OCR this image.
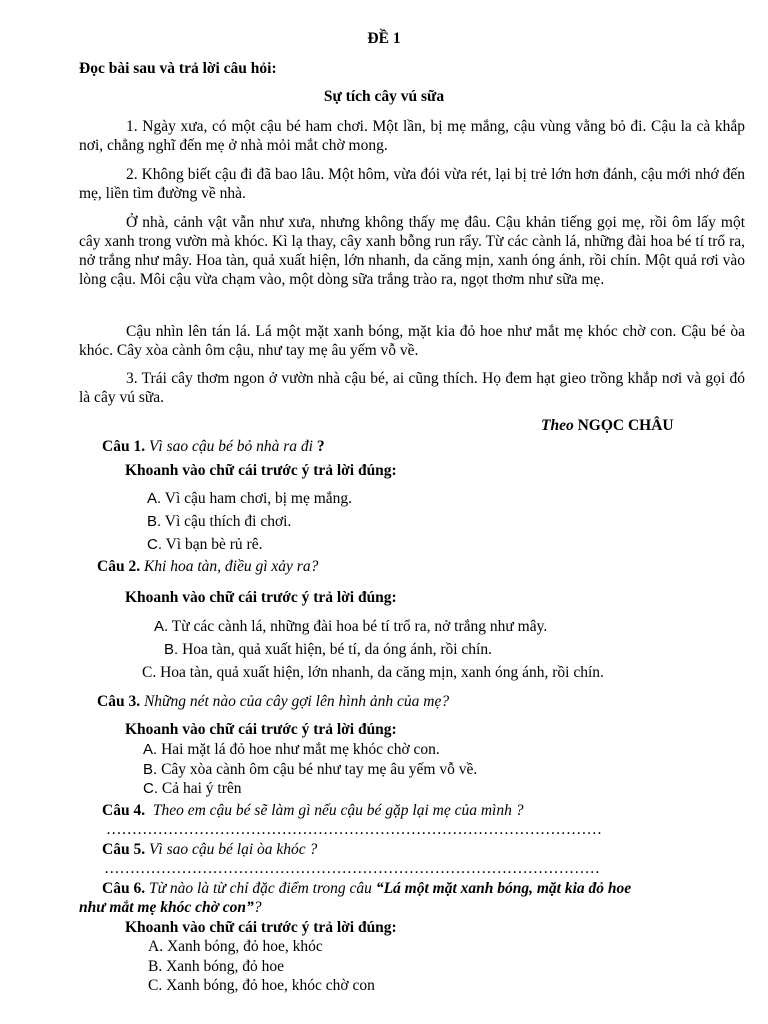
ĐỀ 1
Đọc bài sau và trả lời câu hỏi:
Sự tích cây vú sữa
1. Ngày xưa, có một cậu bé ham chơi. Một lần, bị mẹ mắng, cậu vùng vằng bỏ đi. Cậu la cà khắp nơi, chẳng nghĩ đến mẹ ở nhà mỏi mắt chờ mong.
2. Không biết cậu đi đã bao lâu. Một hôm, vừa đói vừa rét, lại bị trẻ lớn hơn đánh, cậu mới nhớ đến mẹ, liền tìm đường về nhà.
Ở nhà, cảnh vật vẫn như xưa, nhưng không thấy mẹ đâu. Cậu khản tiếng gọi mẹ, rồi ôm lấy một cây xanh trong vườn mà khóc. Kì lạ thay, cây xanh bỗng run rẩy. Từ các cành lá, những đài hoa bé tí trổ ra, nở trắng như mây. Hoa tàn, quả xuất hiện, lớn nhanh, da căng mịn, xanh óng ánh, rồi chín. Một quả rơi vào lòng cậu. Môi cậu vừa chạm vào, một dòng sữa trắng trào ra, ngọt thơm như sữa mẹ.
Cậu nhìn lên tán lá. Lá một mặt xanh bóng, mặt kia đỏ hoe như mắt mẹ khóc chờ con. Cậu bé òa khóc. Cây xòa cành ôm cậu, như tay mẹ âu yếm vỗ về.
3. Trái cây thơm ngon ở vườn nhà cậu bé, ai cũng thích. Họ đem hạt gieo trồng khắp nơi và gọi đó là cây vú sữa.
Theo NGỌC CHÂU
Câu 1. Vì sao cậu bé bỏ nhà ra đi ?
Khoanh vào chữ cái trước ý trả lời đúng:
A. Vì cậu ham chơi, bị mẹ mắng.
B. Vì cậu thích đi chơi.
C. Vì bạn bè rủ rê.
Câu 2. Khi hoa tàn, điều gì xảy ra?
Khoanh vào chữ cái trước ý trả lời đúng:
A. Từ các cành lá, những đài hoa bé tí trổ ra, nở trắng như mây.
B. Hoa tàn, quả xuất hiện, bé tí, da óng ánh, rồi chín.
C. Hoa tàn, quả xuất hiện, lớn nhanh, da căng mịn, xanh óng ánh, rồi chín.
Câu 3. Những nét nào của cây gợi lên hình ảnh của mẹ?
Khoanh vào chữ cái trước ý trả lời đúng:
A. Hai mặt lá đỏ hoe như mắt mẹ khóc chờ con.
B. Cây xòa cành ôm cậu bé như tay mẹ âu yếm vỗ về.
C. Cả hai ý trên
Câu 4. Theo em cậu bé sẽ làm gì nếu cậu bé gặp lại mẹ của mình ?
……………………………………………………………………………………
Câu 5. Vì sao cậu bé lại òa khóc ?
……………………………………………………………………………………
Câu 6. Từ nào là từ chỉ đặc điểm trong câu “Lá một mặt xanh bóng, mặt kia đỏ hoe
như mắt mẹ khóc chờ con”?
Khoanh vào chữ cái trước ý trả lời đúng:
A. Xanh bóng, đỏ hoe, khóc
B. Xanh bóng, đỏ hoe
C. Xanh bóng, đỏ hoe, khóc chờ con
